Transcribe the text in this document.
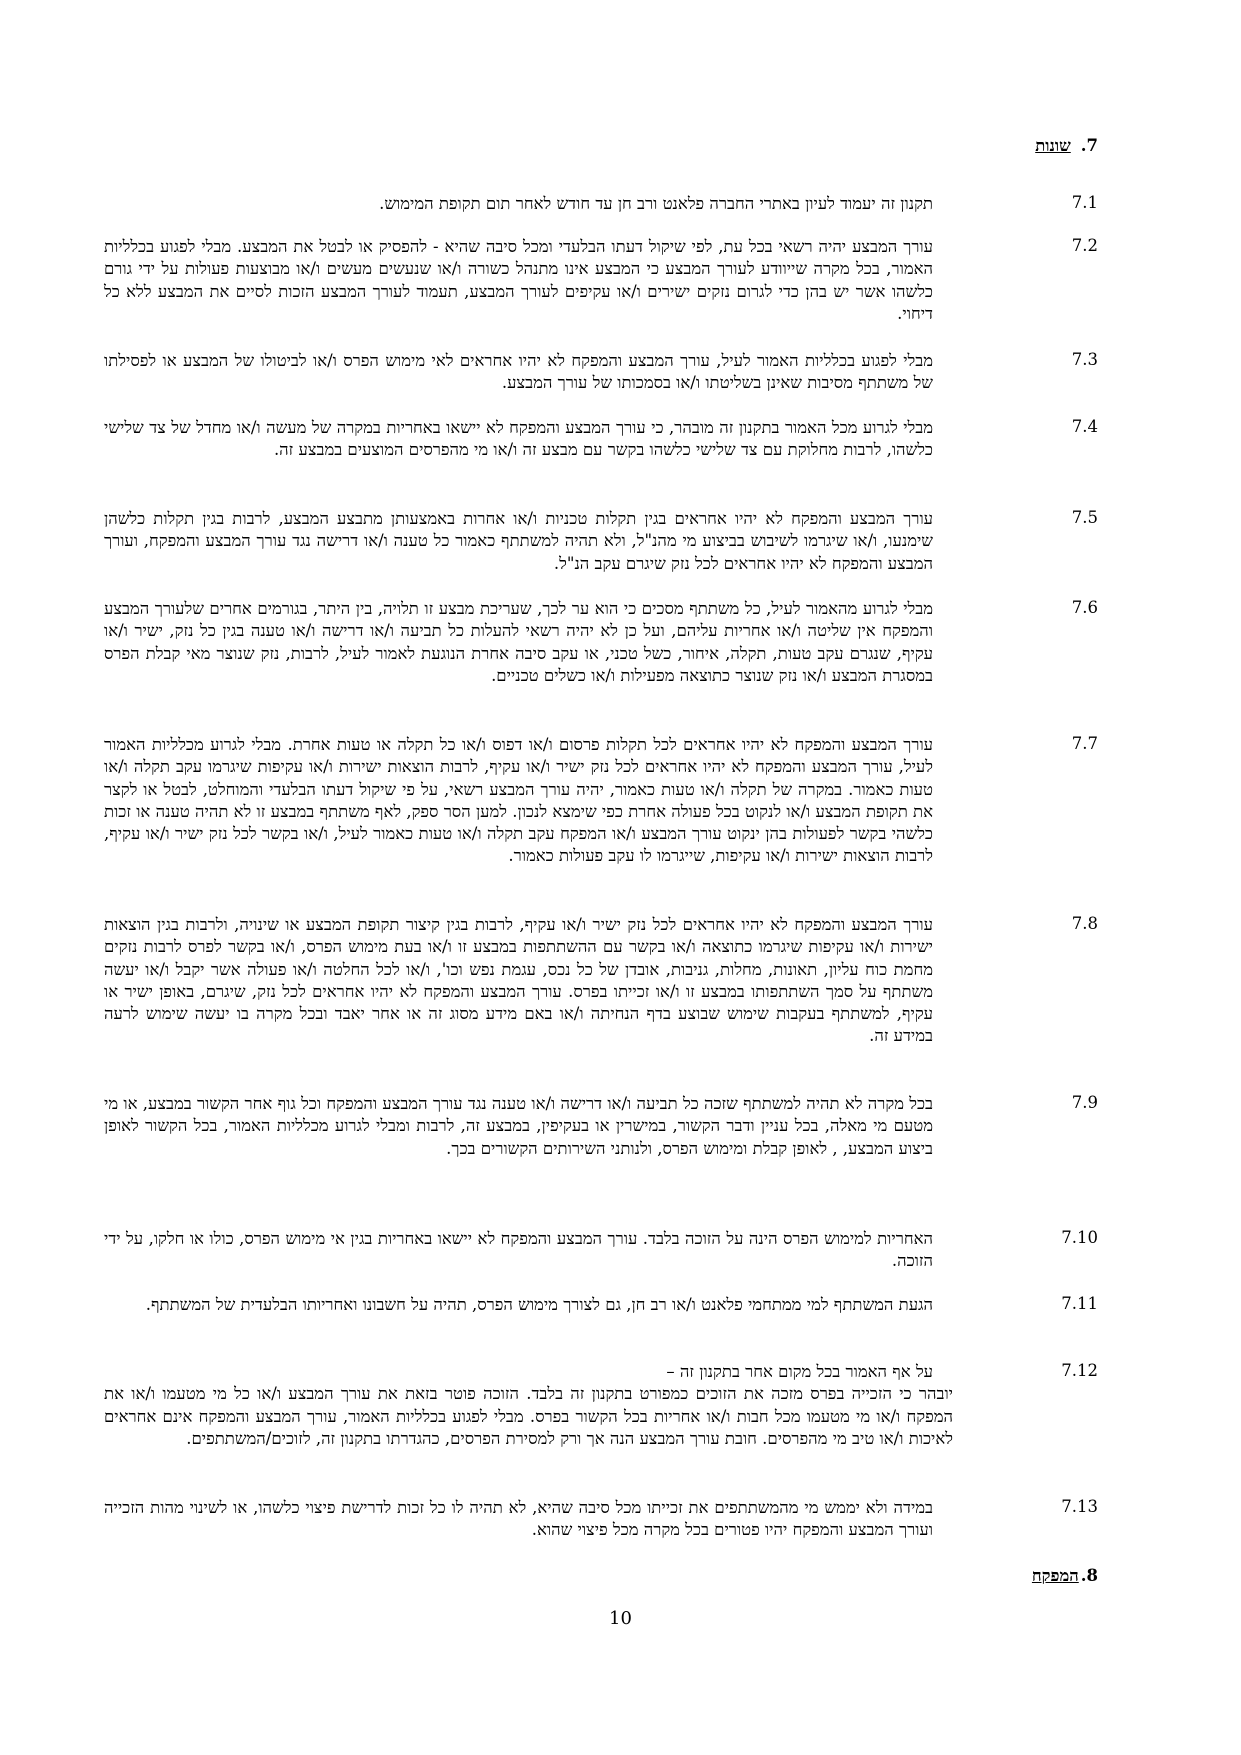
7.שונות
7.1

תקנון זה יעמוד לעיון באתרי החברה פלאנט ורב חן עד חודש לאחר תום תקופת המימוש.

7.2

עורך המבצע יהיה רשאי בכל עת, לפי שיקול דעתו הבלעדי ומכל סיבה שהיא - להפסיק או לבטל את המבצע. מבלי לפגוע בכלליות האמור, בכל מקרה שייוודע לעורך המבצע כי המבצע אינו מתנהל כשורה ו/או שנעשים מעשים ו/או מבוצעות פעולות על ידי גורם כלשהו אשר יש בהן כדי לגרום נזקים ישירים ו/או עקיפים לעורך המבצע, תעמוד לעורך המבצע הזכות לסיים את המבצע ללא כל דיחוי.

7.3

מבלי לפגוע בכלליות האמור לעיל, עורך המבצע והמפקח לא יהיו אחראים לאי מימוש הפרס ו/או לביטולו של המבצע או לפסילתו של משתתף מסיבות שאינן בשליטתו ו/או בסמכותו של עורך המבצע.

7.4

מבלי לגרוע מכל האמור בתקנון זה מובהר, כי עורך המבצע והמפקח לא יישאו באחריות במקרה של מעשה ו/או מחדל של צד שלישי כלשהו, לרבות מחלוקת עם צד שלישי כלשהו בקשר עם מבצע זה ו/או מי מהפרסים המוצעים במבצע זה.

7.5

עורך המבצע והמפקח לא יהיו אחראים בגין תקלות טכניות ו/או אחרות באמצעותן מתבצע המבצע, לרבות בגין תקלות כלשהן שימנעו, ו/או שיגרמו לשיבוש בביצוע מי מהנ"ל, ולא תהיה למשתתף כאמור כל טענה ו/או דרישה נגד עורך המבצע והמפקח, ועורך המבצע והמפקח לא יהיו אחראים לכל נזק שיגרם עקב הנ"ל.

7.6

מבלי לגרוע מהאמור לעיל, כל משתתף מסכים כי הוא ער לכך, שעריכת מבצע זו תלויה, בין היתר, בגורמים אחרים שלעורך המבצע והמפקח אין שליטה ו/או אחריות עליהם, ועל כן לא יהיה רשאי להעלות כל תביעה ו/או דרישה ו/או טענה בגין כל נזק, ישיר ו/או עקיף, שנגרם עקב טעות, תקלה, איחור, כשל טכני, או עקב סיבה אחרת הנוגעת לאמור לעיל, לרבות, נזק שנוצר מאי קבלת הפרס במסגרת המבצע ו/או נזק שנוצר כתוצאה מפעילות ו/או כשלים טכניים.

7.7

עורך המבצע והמפקח לא יהיו אחראים לכל תקלות פרסום ו/או דפוס ו/או כל תקלה או טעות אחרת. מבלי לגרוע מכלליות האמור לעיל, עורך המבצע והמפקח לא יהיו אחראים לכל נזק ישיר ו/או עקיף, לרבות הוצאות ישירות ו/או עקיפות שיגרמו עקב תקלה ו/או טעות כאמור. במקרה של תקלה ו/או טעות כאמור, יהיה עורך המבצע רשאי, על פי שיקול דעתו הבלעדי והמוחלט, לבטל או לקצר את תקופת המבצע ו/או לנקוט בכל פעולה אחרת כפי שימצא לנכון. למען הסר ספק, לאף משתתף במבצע זו לא תהיה טענה או זכות כלשהי בקשר לפעולות בהן ינקוט עורך המבצע ו/או המפקח עקב תקלה ו/או טעות כאמור לעיל, ו/או בקשר לכל נזק ישיר ו/או עקיף, לרבות הוצאות ישירות ו/או עקיפות, שייגרמו לו עקב פעולות כאמור.

7.8

עורך המבצע והמפקח לא יהיו אחראים לכל נזק ישיר ו/או עקיף, לרבות בגין קיצור תקופת המבצע או שינויה, ולרבות בגין הוצאות ישירות ו/או עקיפות שיגרמו כתוצאה ו/או בקשר עם ההשתתפות במבצע זו ו/או בעת מימוש הפרס, ו/או בקשר לפרס לרבות נזקים מחמת כוח עליון, תאונות, מחלות, גניבות, אובדן של כל נכס, עגמת נפש וכו', ו/או לכל החלטה ו/או פעולה אשר יקבל ו/או יעשה משתתף על סמך השתתפותו במבצע זו ו/או זכייתו בפרס. עורך המבצע והמפקח לא יהיו אחראים לכל נזק, שיגרם, באופן ישיר או עקיף, למשתתף בעקבות שימוש שבוצע בדף הנחיתה ו/או באם מידע מסוג זה או אחר יאבד ובכל מקרה בו יעשה שימוש לרעה במידע זה.

7.9

בכל מקרה לא תהיה למשתתף שזכה כל תביעה ו/או דרישה ו/או טענה נגד עורך המבצע והמפקח וכל גוף אחר הקשור במבצע, או מי מטעם מי מאלה, בכל עניין ודבר הקשור, במישרין או בעקיפין, במבצע זה, לרבות ומבלי לגרוע מכלליות האמור, בכל הקשור לאופן ביצוע המבצע, , לאופן קבלת ומימוש הפרס, ולנותני השירותים הקשורים בכך.

7.10

האחריות למימוש הפרס הינה על הזוכה בלבד. עורך המבצע והמפקח לא יישאו באחריות בגין אי מימוש הפרס, כולו או חלקו, על ידי הזוכה.

7.11

הגעת המשתתף למי ממתחמי פלאנט ו/או רב חן, גם לצורך מימוש הפרס, תהיה על חשבונו ואחריותו הבלעדית של המשתתף.

7.12

על אף האמור בכל מקום אחר בתקנון זה –

יובהר כי הזכייה בפרס מזכה את הזוכים כמפורט בתקנון זה בלבד. הזוכה פוטר בזאת את עורך המבצע ו/או כל מי מטעמו ו/או את המפקח ו/או מי מטעמו מכל חבות ו/או אחריות בכל הקשור בפרס. מבלי לפגוע בכלליות האמור, עורך המבצע והמפקח אינם אחראים לאיכות ו/או טיב מי מהפרסים. חובת עורך המבצע הנה אך ורק למסירת הפרסים, כהגדרתו בתקנון זה, לזוכים/המשתתפים.

7.13

במידה ולא יממש מי מהמשתתפים את זכייתו מכל סיבה שהיא, לא תהיה לו כל זכות לדרישת פיצוי כלשהו, או לשינוי מהות הזכייה ועורך המבצע והמפקח יהיו פטורים בכל מקרה מכל פיצוי שהוא.

8.המפקח
10
